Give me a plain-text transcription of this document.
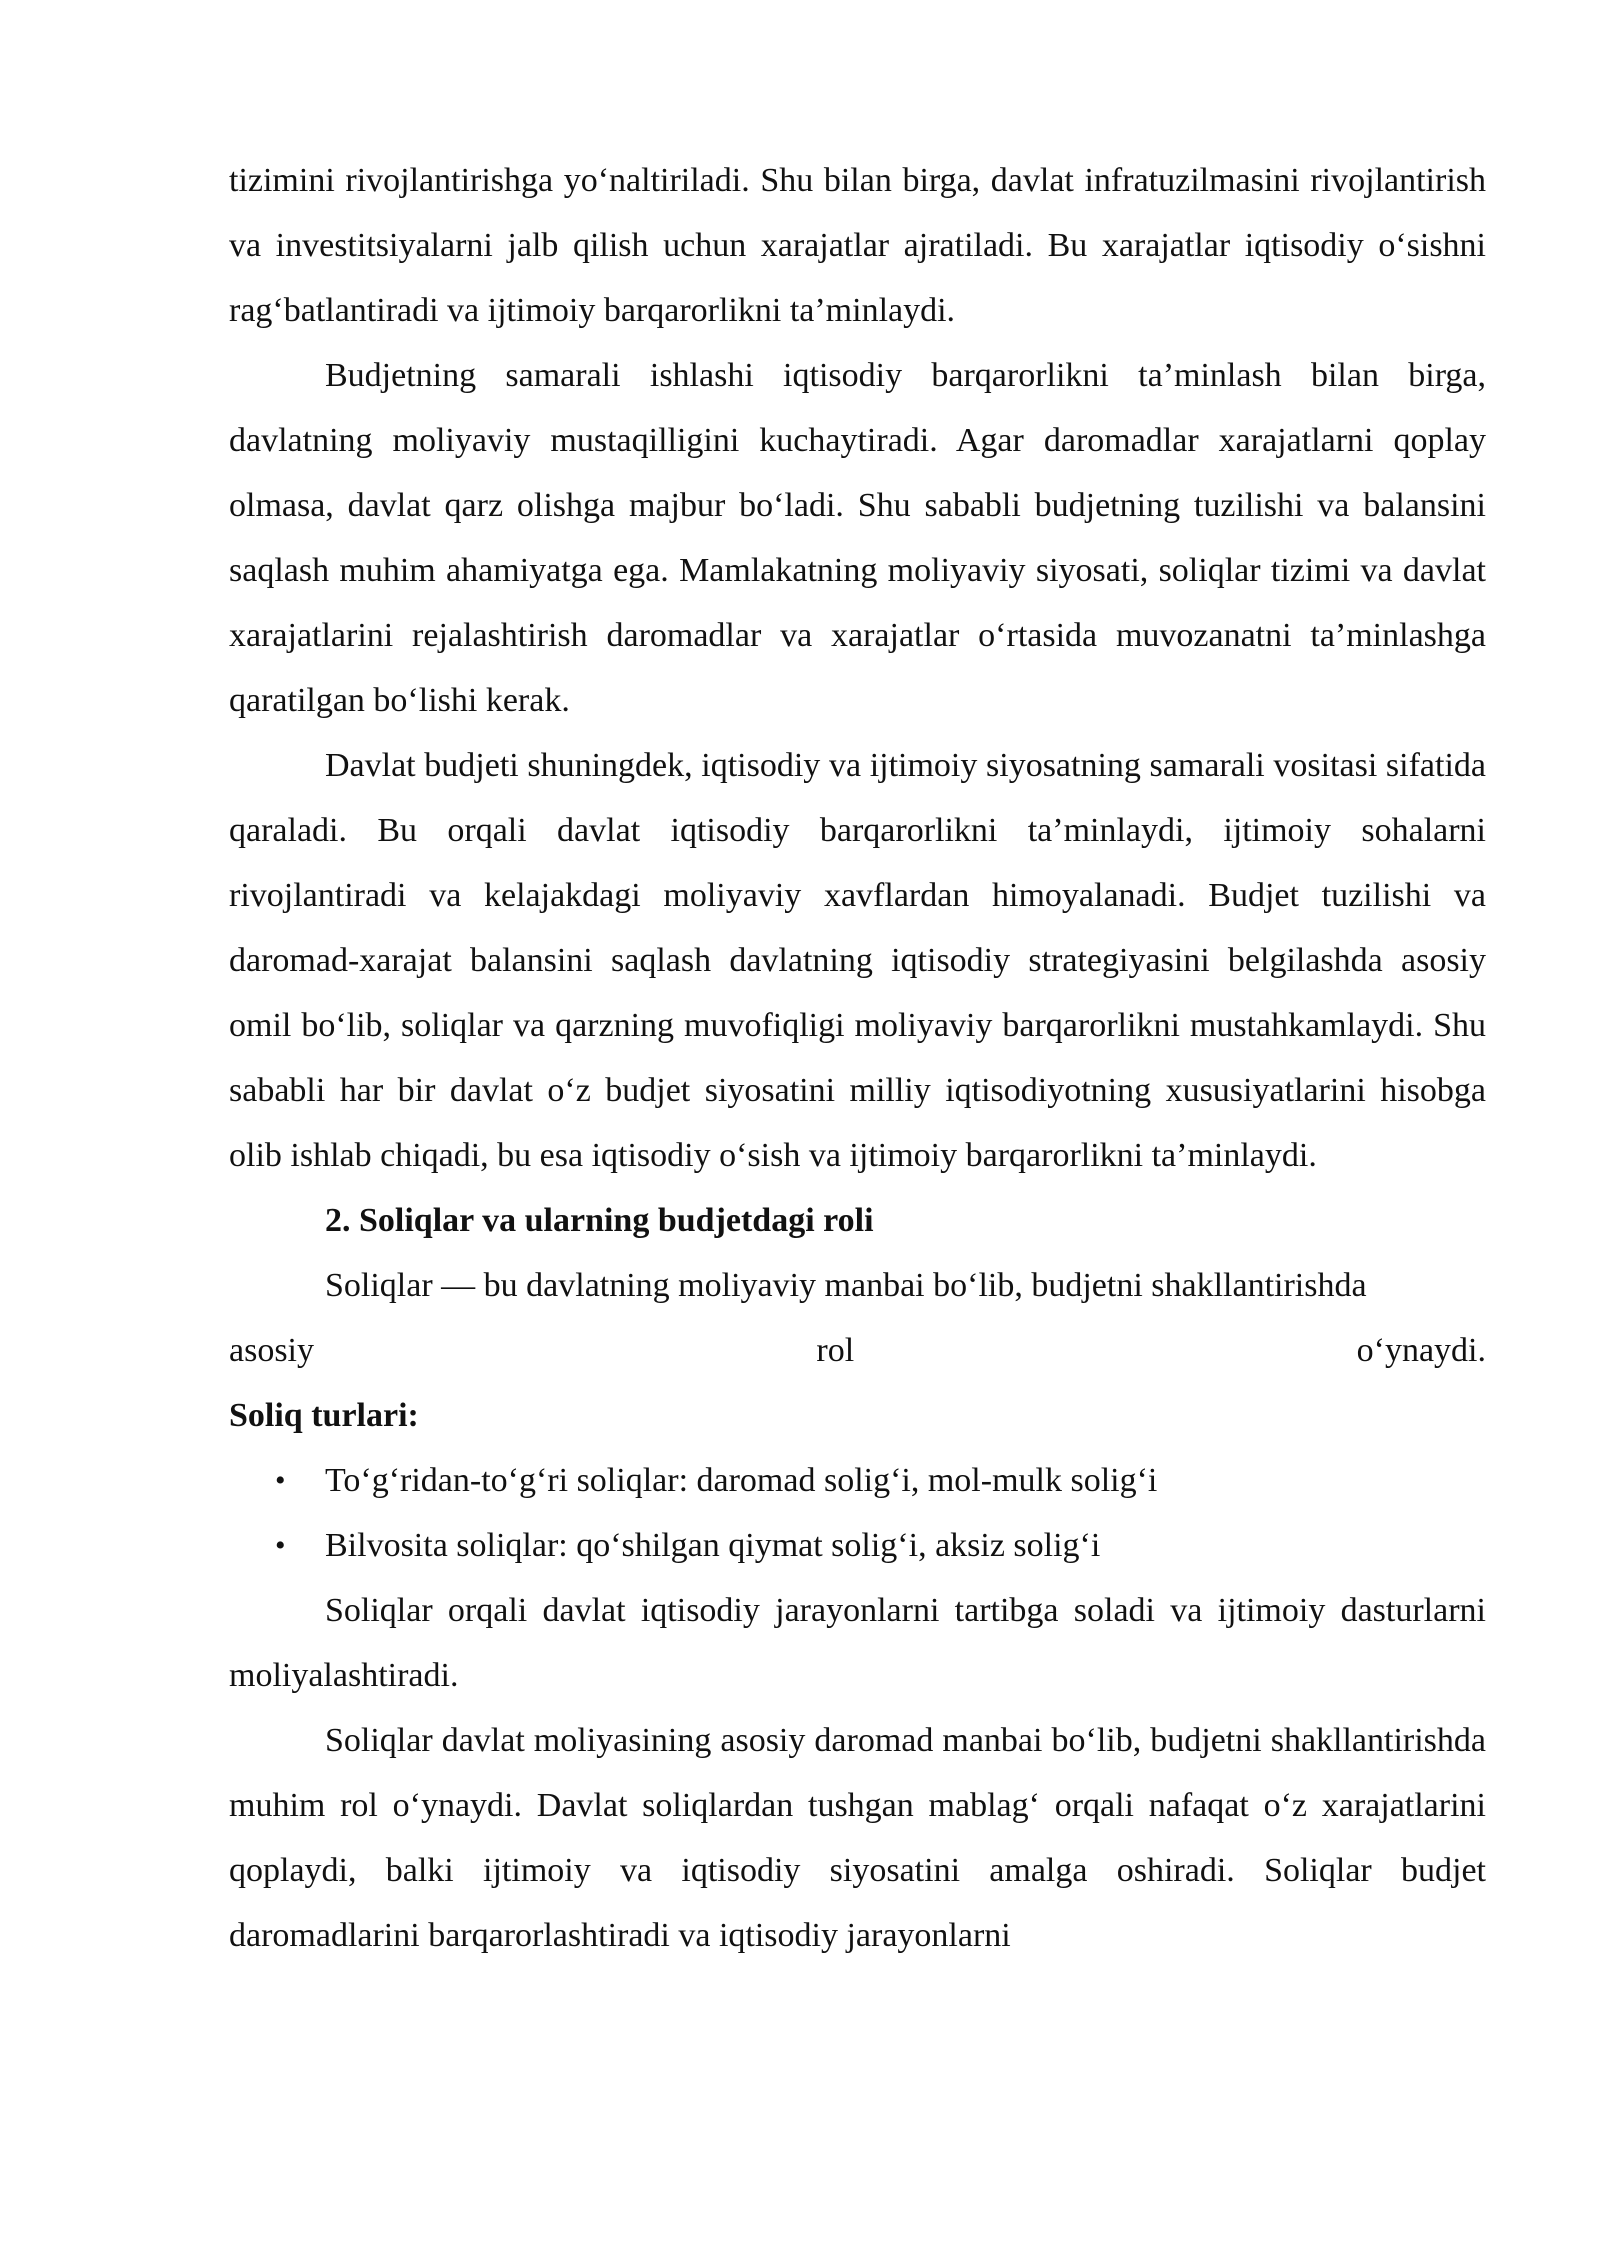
tizimini rivojlantirishga yo‘naltiriladi. Shu bilan birga, davlat infratuzilmasini rivojlantirish va investitsiyalarni jalb qilish uchun xarajatlar ajratiladi. Bu xarajatlar iqtisodiy o‘sishni rag‘batlantiradi va ijtimoiy barqarorlikni ta’minlaydi.

Budjetning samarali ishlashi iqtisodiy barqarorlikni ta’minlash bilan birga, davlatning moliyaviy mustaqilligini kuchaytiradi. Agar daromadlar xarajatlarni qoplay olmasa, davlat qarz olishga majbur bo‘ladi. Shu sababli budjetning tuzilishi va balansini saqlash muhim ahamiyatga ega. Mamlakatning moliyaviy siyosati, soliqlar tizimi va davlat xarajatlarini rejalashtirish daromadlar va xarajatlar o‘rtasida muvozanatni ta’minlashga qaratilgan bo‘lishi kerak.

Davlat budjeti shuningdek, iqtisodiy va ijtimoiy siyosatning samarali vositasi sifatida qaraladi. Bu orqali davlat iqtisodiy barqarorlikni ta’minlaydi, ijtimoiy sohalarni rivojlantiradi va kelajakdagi moliyaviy xavflardan himoyalanadi. Budjet tuzilishi va daromad-xarajat balansini saqlash davlatning iqtisodiy strategiyasini belgilashda asosiy omil bo‘lib, soliqlar va qarzning muvofiqligi moliyaviy barqarorlikni mustahkamlaydi. Shu sababli har bir davlat o‘z budjet siyosatini milliy iqtisodiyotning xususiyatlarini hisobga olib ishlab chiqadi, bu esa iqtisodiy o‘sish va ijtimoiy barqarorlikni ta’minlaydi.

2. Soliqlar va ularning budjetdagi roli

Soliqlar — bu davlatning moliyaviy manbai bo‘lib, budjetni shakllantirishda

asosiy rol o‘ynaydi.

Soliq turlari:
• To‘g‘ridan-to‘g‘ri soliqlar: daromad solig‘i, mol-mulk solig‘i
• Bilvosita soliqlar: qo‘shilgan qiymat solig‘i, aksiz solig‘i

Soliqlar orqali davlat iqtisodiy jarayonlarni tartibga soladi va ijtimoiy dasturlarni moliyalashtiradi.

Soliqlar davlat moliyasining asosiy daromad manbai bo‘lib, budjetni shakllantirishda muhim rol o‘ynaydi. Davlat soliqlardan tushgan mablag‘ orqali nafaqat o‘z xarajatlarini qoplaydi, balki ijtimoiy va iqtisodiy siyosatini amalga oshiradi. Soliqlar budjet daromadlarini barqarorlashtiradi va iqtisodiy jarayonlarni
